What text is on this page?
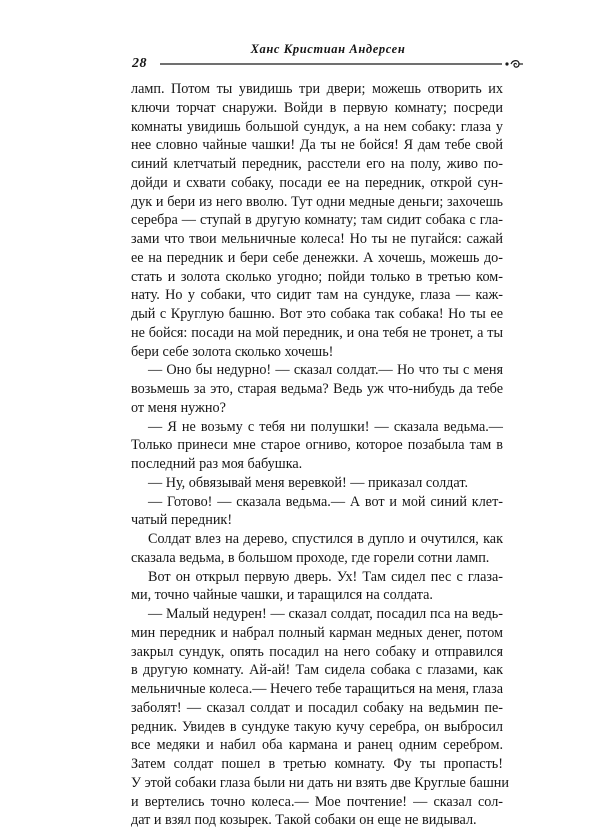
28
Ханс Кристиан Андерсен
ламп. Потом ты увидишь три двери; можешь отворить их
ключи торчат снаружи. Войди в первую комнату; посреди
комнаты увидишь большой сундук, а на нем собаку: глаза у
нее словно чайные чашки! Да ты не бойся! Я дам тебе свой
синий клетчатый передник, расстели его на полу, живо по-
дойди и схвати собаку, посади ее на передник, открой сун-
дук и бери из него вволю. Тут одни медные деньги; захочешь
серебра — ступай в другую комнату; там сидит собака с гла-
зами что твои мельничные колеса! Но ты не пугайся: сажай
ее на передник и бери себе денежки. А хочешь, можешь до-
стать и золота сколько угодно; пойди только в третью ком-
нату. Но у собаки, что сидит там на сундуке, глаза — каж-
дый с Круглую башню. Вот это собака так собака! Но ты ее
не бойся: посади на мой передник, и она тебя не тронет, а ты
бери себе золота сколько хочешь!
— Оно бы недурно! — сказал солдат.— Но что ты с меня
возьмешь за это, старая ведьма? Ведь уж что-нибудь да тебе
от меня нужно?
— Я не возьму с тебя ни полушки! — сказала ведьма.—
Только принеси мне старое огниво, которое позабыла там в
последний раз моя бабушка.
— Ну, обвязывай меня веревкой! — приказал солдат.
— Готово! — сказала ведьма.— А вот и мой синий клет-
чатый передник!
Солдат влез на дерево, спустился в дупло и очутился, как
сказала ведьма, в большом проходе, где горели сотни ламп.
Вот он открыл первую дверь. Ух! Там сидел пес с глаза-
ми, точно чайные чашки, и таращился на солдата.
— Малый недурен! — сказал солдат, посадил пса на ведь-
мин передник и набрал полный карман медных денег, потом
закрыл сундук, опять посадил на него собаку и отправился
в другую комнату. Ай-ай! Там сидела собака с глазами, как
мельничные колеса.— Нечего тебе таращиться на меня, глаза
заболят! — сказал солдат и посадил собаку на ведьмин пе-
редник. Увидев в сундуке такую кучу серебра, он выбросил
все медяки и набил оба кармана и ранец одним серебром.
Затем солдат пошел в третью комнату. Фу ты пропасть!
У этой собаки глаза были ни дать ни взять две Круглые башни
и вертелись точно колеса.— Мое почтение! — сказал сол-
дат и взял под козырек. Такой собаки он еще не видывал.
